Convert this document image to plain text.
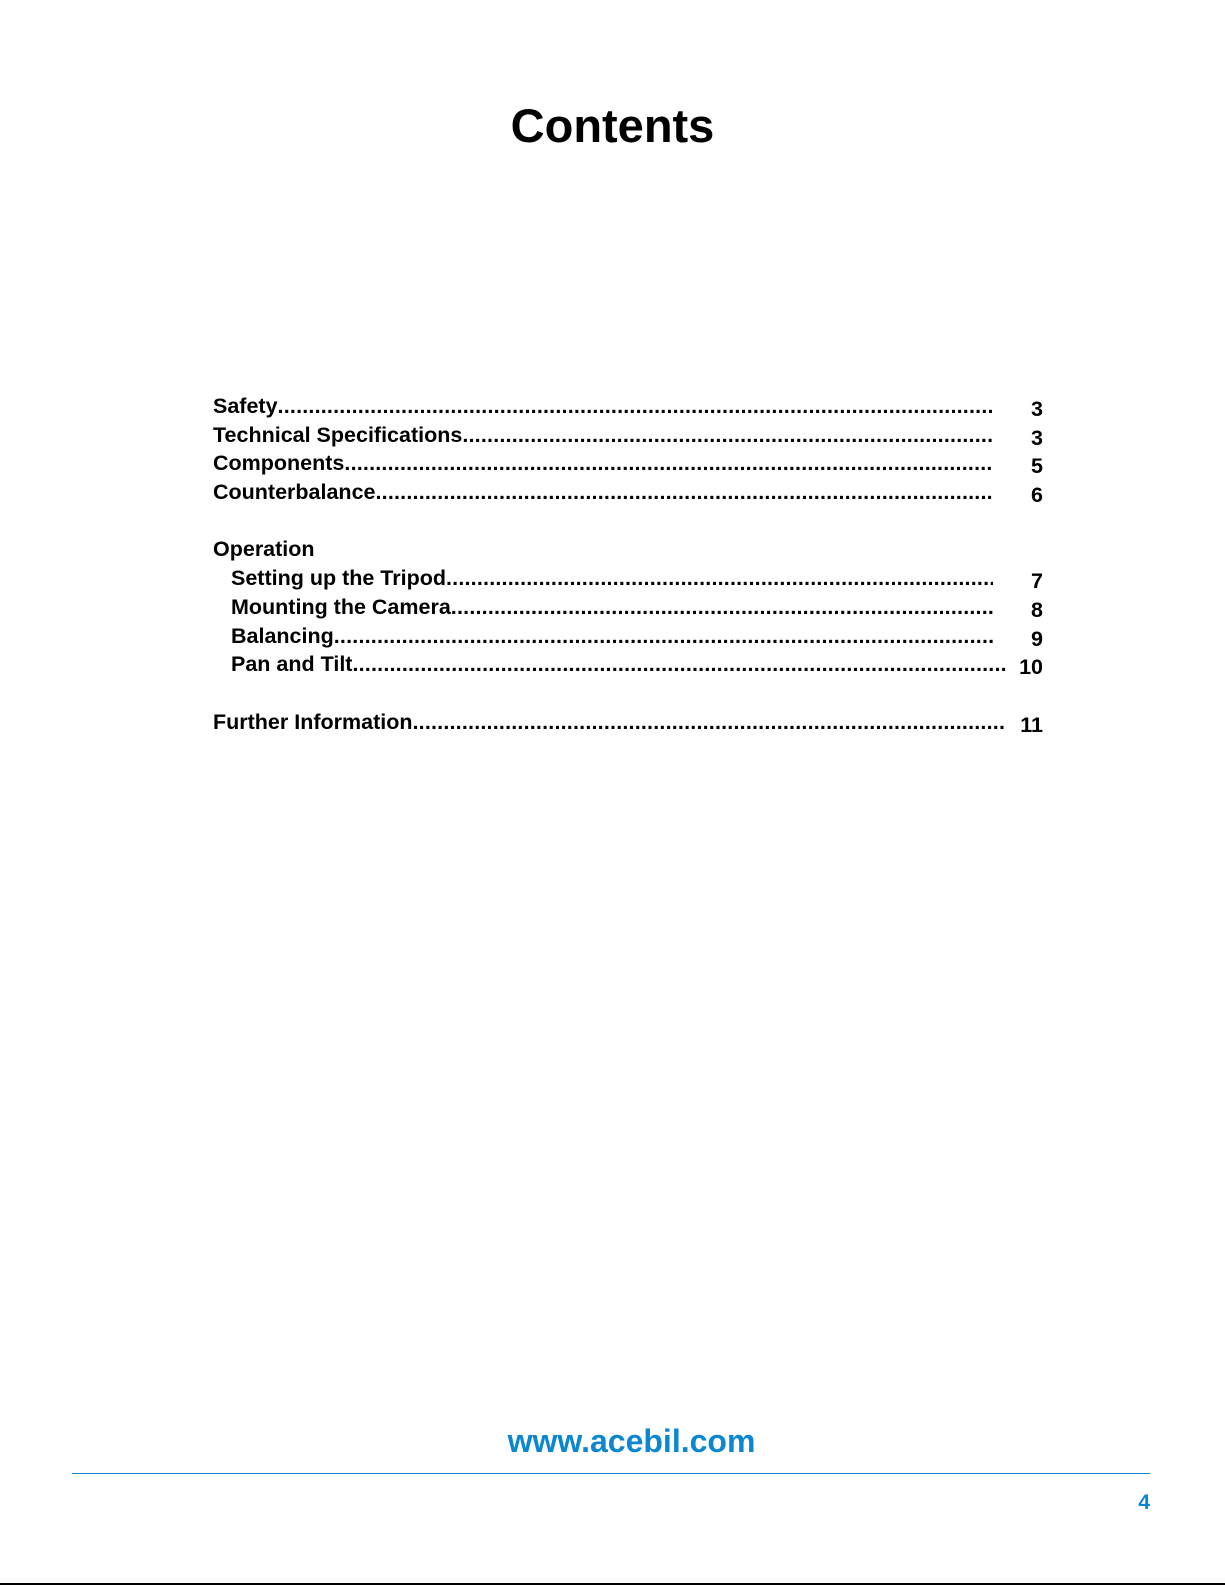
Contents
Safety .....	3
Technical Specifications .....	3
Components .....	5
Counterbalance .....	6
Operation
Setting up the Tripod .....	7
Mounting the Camera .....	8
Balancing .....	9
Pan and Tilt .....	10
Further Information .....	11
www.acebil.com
4
